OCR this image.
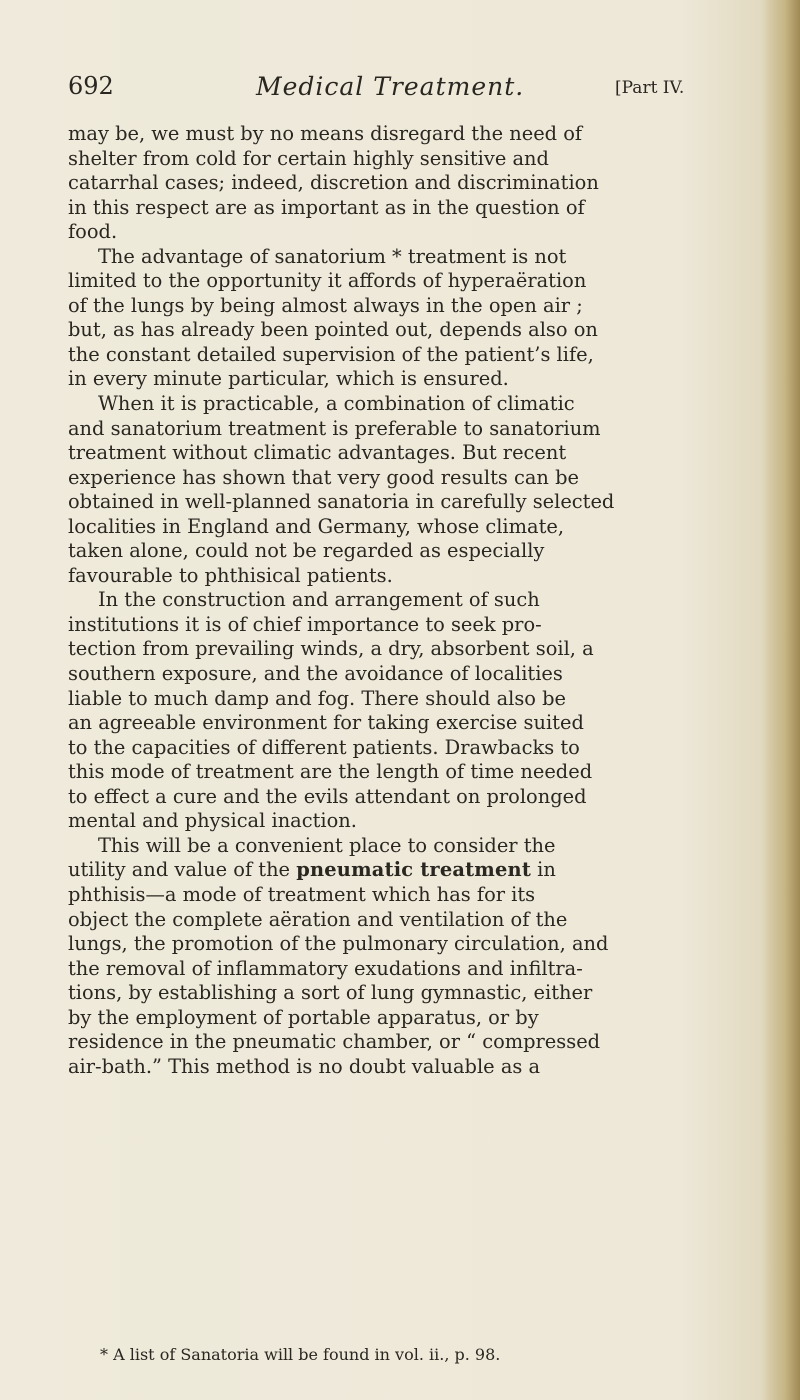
692	Medical Treatment.	[Part IV.
may be, we must by no means disregard the need of
shelter from cold for certain highly sensitive and
catarrhal cases; indeed, discretion and discrimination
in this respect are as important as in the question of
food.
The advantage of sanatorium * treatment is not
limited to the opportunity it affords of hyperaëration
of the lungs by being almost always in the open air ;
but, as has already been pointed out, depends also on
the constant detailed supervision of the patient’s life,
in every minute particular, which is ensured.
When it is practicable, a combination of climatic
and sanatorium treatment is preferable to sanatorium
treatment without climatic advantages. But recent
experience has shown that very good results can be
obtained in well-planned sanatoria in carefully selected
localities in England and Germany, whose climate,
taken alone, could not be regarded as especially
favourable to phthisical patients.
In the construction and arrangement of such
institutions it is of chief importance to seek pro-
tection from prevailing winds, a dry, absorbent soil, a
southern exposure, and the avoidance of localities
liable to much damp and fog. There should also be
an agreeable environment for taking exercise suited
to the capacities of different patients. Drawbacks to
this mode of treatment are the length of time needed
to effect a cure and the evils attendant on prolonged
mental and physical inaction.
This will be a convenient place to consider the
utility and value of the pneumatic treatment in
phthisis—a mode of treatment which has for its
object the complete aëration and ventilation of the
lungs, the promotion of the pulmonary circulation, and
the removal of inflammatory exudations and infiltra-
tions, by establishing a sort of lung gymnastic, either
by the employment of portable apparatus, or by
residence in the pneumatic chamber, or “ compressed
air-bath.” This method is no doubt valuable as a
* A list of Sanatoria will be found in vol. ii., p. 98.
